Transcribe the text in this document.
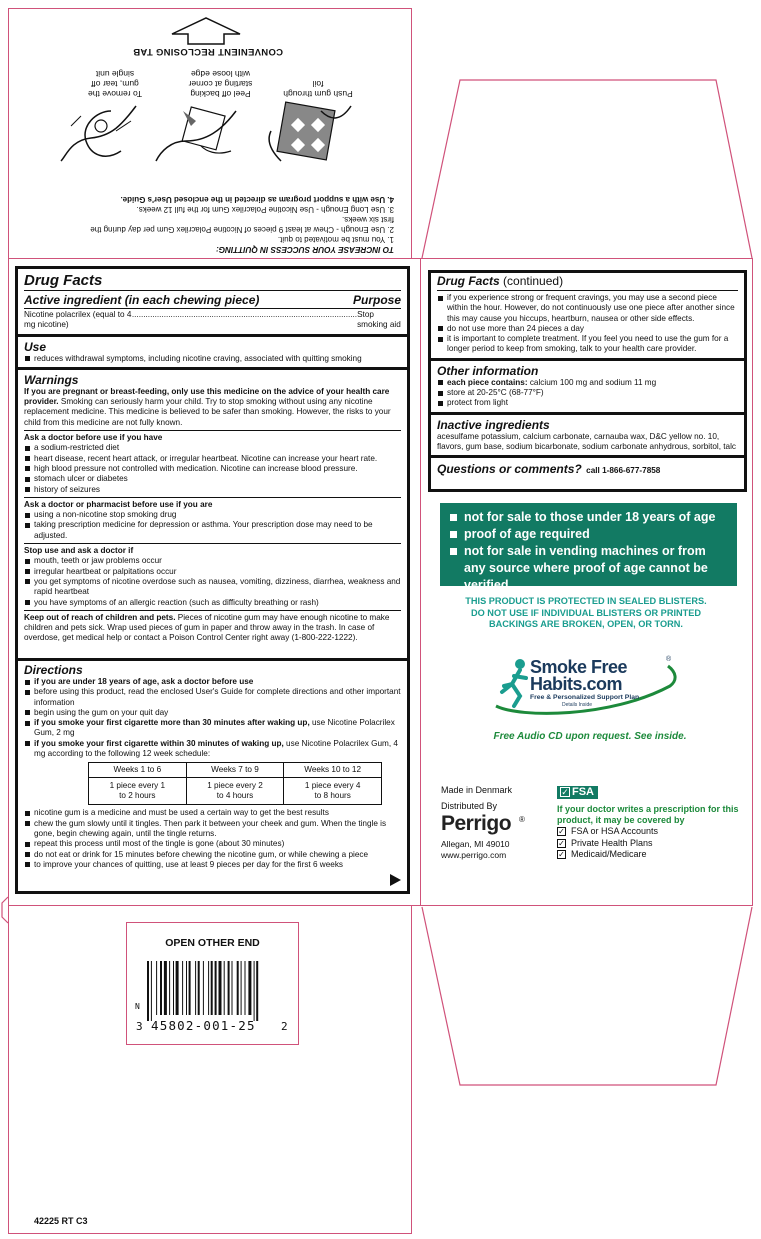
TO INCREASE YOUR SUCCESS IN QUITTING:
1. You must be motivated to quit.
2. Use Enough - Chew at least 9 pieces of Nicotine Polacrilex Gum per day during the first six weeks.
3. Use Long Enough - Use Nicotine Polacrilex Gum for the full 12 weeks.
4. Use with a support program as directed in the enclosed User's Guide.
Push gum through foil
Peel off backing starting at corner with loose edge
To remove the gum, tear off single unit
CONVENIENT RECLOSING TAB
Drug Facts
Active ingredient (in each chewing piece)	Purpose
Nicotine polacrilex (equal to 4 mg nicotine)
................................................................................................... Stop smoking aid
Use
reduces withdrawal symptoms, including nicotine craving, associated with quitting smoking
Warnings
If you are pregnant or breast-feeding, only use this medicine on the advice of your health care provider. Smoking can seriously harm your child. Try to stop smoking without using any nicotine replacement medicine. This medicine is believed to be safer than smoking. However, the risks to your child from this medicine are not fully known.
Ask a doctor before use if you have
a sodium-restricted diet
heart disease, recent heart attack, or irregular heartbeat. Nicotine can increase your heart rate.
high blood pressure not controlled with medication. Nicotine can increase blood pressure.
stomach ulcer or diabetes
history of seizures
Ask a doctor or pharmacist before use if you are
using a non-nicotine stop smoking drug
taking prescription medicine for depression or asthma. Your prescription dose may need to be adjusted.
Stop use and ask a doctor if
mouth, teeth or jaw problems occur
irregular heartbeat or palpitations occur
you get symptoms of nicotine overdose such as nausea, vomiting, dizziness, diarrhea, weakness and rapid heartbeat
you have symptoms of an allergic reaction (such as difficulty breathing or rash)
Keep out of reach of children and pets. Pieces of nicotine gum may have enough nicotine to make children and pets sick. Wrap used pieces of gum in paper and throw away in the trash. In case of overdose, get medical help or contact a Poison Control Center right away (1-800-222-1222).
Directions
if you are under 18 years of age, ask a doctor before use
before using this product, read the enclosed User's Guide for complete directions and other important information
begin using the gum on your quit day
if you smoke your first cigarette more than 30 minutes after waking up, use Nicotine Polacrilex Gum, 2 mg
if you smoke your first cigarette within 30 minutes of waking up, use Nicotine Polacrilex Gum, 4 mg according to the following 12 week schedule:
Weeks 1 to 6	Weeks 7 to 9	Weeks 10 to 12
1 piece every 1 to 2 hours	1 piece every 2 to 4 hours	1 piece every 4 to 8 hours
nicotine gum is a medicine and must be used a certain way to get the best results
chew the gum slowly until it tingles. Then park it between your cheek and gum. When the tingle is gone, begin chewing again, until the tingle returns.
repeat this process until most of the tingle is gone (about 30 minutes)
do not eat or drink for 15 minutes before chewing the nicotine gum, or while chewing a piece
to improve your chances of quitting, use at least 9 pieces per day for the first 6 weeks
Drug Facts (continued)
if you experience strong or frequent cravings, you may use a second piece within the hour. However, do not continuously use one piece after another since this may cause you hiccups, heartburn, nausea or other side effects.
do not use more than 24 pieces a day
it is important to complete treatment. If you feel you need to use the gum for a longer period to keep from smoking, talk to your health care provider.
Other information
each piece contains: calcium 100 mg and sodium 11 mg
store at 20-25°C (68-77°F)
protect from light
Inactive ingredients
acesulfame potassium, calcium carbonate, carnauba wax, D&C yellow no. 10, flavors, gum base, sodium bicarbonate, sodium carbonate anhydrous, sorbitol, talc
Questions or comments? call 1-866-677-7858
not for sale to those under 18 years of age
proof of age required
not for sale in vending machines or from any source where proof of age cannot be verified
THIS PRODUCT IS PROTECTED IN SEALED BLISTERS.
DO NOT USE IF INDIVIDUAL BLISTERS OR PRINTED
BACKINGS ARE BROKEN, OPEN, OR TORN.
Smoke Free	®
Habits.com
Free & Personalized Support Plan
Details Inside
Free Audio CD upon request. See inside.
Made in Denmark
Distributed By
Perrigo ®
Allegan, MI 49010
www.perrigo.com
✓ FSA
If your doctor writes a prescription for this product, it may be covered by
✓ FSA or HSA Accounts
✓ Private Health Plans
✓ Medicaid/Medicare
OPEN OTHER END
N
3 45802-001-25 2
42225 RT C3
